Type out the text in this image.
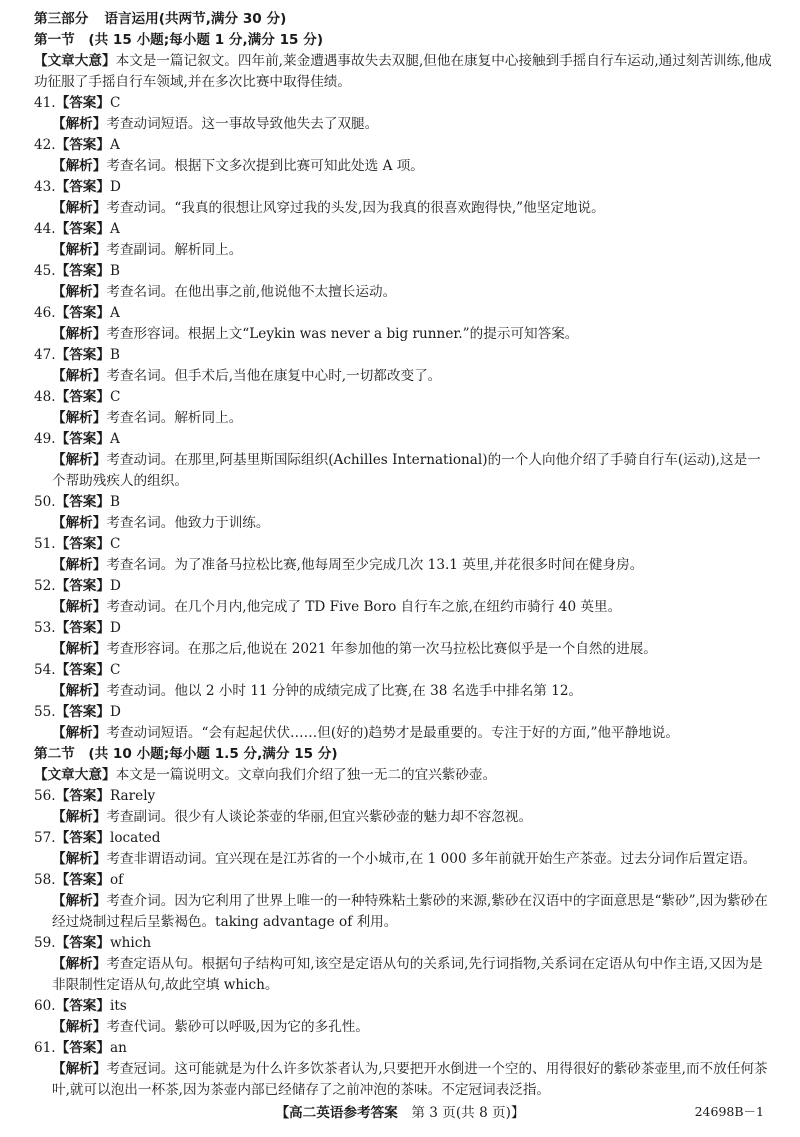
第三部分 语言运用(共两节,满分 30 分)
第一节　(共 15 小题;每小题 1 分,满分 15 分)
【文章大意】本文是一篇记叙文。四年前,莱金遭遇事故失去双腿,但他在康复中心接触到手摇自行车运动,通过刻苦训练,他成功征服了手摇自行车领域,并在多次比赛中取得佳绩。
41.【答案】C
【解析】考查动词短语。这一事故导致他失去了双腿。
42.【答案】A
【解析】考查名词。根据下文多次提到比赛可知此处选 A 项。
43.【答案】D
【解析】考查动词。“我真的很想让风穿过我的头发,因为我真的很喜欢跑得快,”他坚定地说。
44.【答案】A
【解析】考查副词。解析同上。
45.【答案】B
【解析】考查名词。在他出事之前,他说他不太擅长运动。
46.【答案】A
【解析】考查形容词。根据上文“Leykin was never a big runner.”的提示可知答案。
47.【答案】B
【解析】考查名词。但手术后,当他在康复中心时,一切都改变了。
48.【答案】C
【解析】考查名词。解析同上。
49.【答案】A
【解析】考查动词。在那里,阿基里斯国际组织(Achilles International)的一个人向他介绍了手骑自行车(运动),这是一个帮助残疾人的组织。
50.【答案】B
【解析】考查名词。他致力于训练。
51.【答案】C
【解析】考查名词。为了准备马拉松比赛,他每周至少完成几次 13.1 英里,并花很多时间在健身房。
52.【答案】D
【解析】考查动词。在几个月内,他完成了 TD Five Boro 自行车之旅,在纽约市骑行 40 英里。
53.【答案】D
【解析】考查形容词。在那之后,他说在 2021 年参加他的第一次马拉松比赛似乎是一个自然的进展。
54.【答案】C
【解析】考查动词。他以 2 小时 11 分钟的成绩完成了比赛,在 38 名选手中排名第 12。
55.【答案】D
【解析】考查动词短语。“会有起起伏伏……但(好的)趋势才是最重要的。专注于好的方面,”他平静地说。
第二节　(共 10 小题;每小题 1.5 分,满分 15 分)
【文章大意】本文是一篇说明文。文章向我们介绍了独一无二的宜兴紫砂壶。
56.【答案】Rarely
【解析】考查副词。很少有人谈论茶壶的华丽,但宜兴紫砂壶的魅力却不容忽视。
57.【答案】located
【解析】考查非谓语动词。宜兴现在是江苏省的一个小城市,在 1 000 多年前就开始生产茶壶。过去分词作后置定语。
58.【答案】of
【解析】考查介词。因为它利用了世界上唯一的一种特殊粘土紫砂的来源,紫砂在汉语中的字面意思是“紫砂”,因为紫砂在经过烧制过程后呈紫褐色。taking advantage of 利用。
59.【答案】which
【解析】考查定语从句。根据句子结构可知,该空是定语从句的关系词,先行词指物,关系词在定语从句中作主语,又因为是非限制性定语从句,故此空填 which。
60.【答案】its
【解析】考查代词。紫砂可以呼吸,因为它的多孔性。
61.【答案】an
【解析】考查冠词。这可能就是为什么许多饮茶者认为,只要把开水倒进一个空的、用得很好的紫砂茶壶里,而不放任何茶叶,就可以泡出一杯茶,因为茶壶内部已经储存了之前冲泡的茶味。不定冠词表泛指。
【高二英语参考答案　 第 3 页(共 8 页)】	24698B－1
